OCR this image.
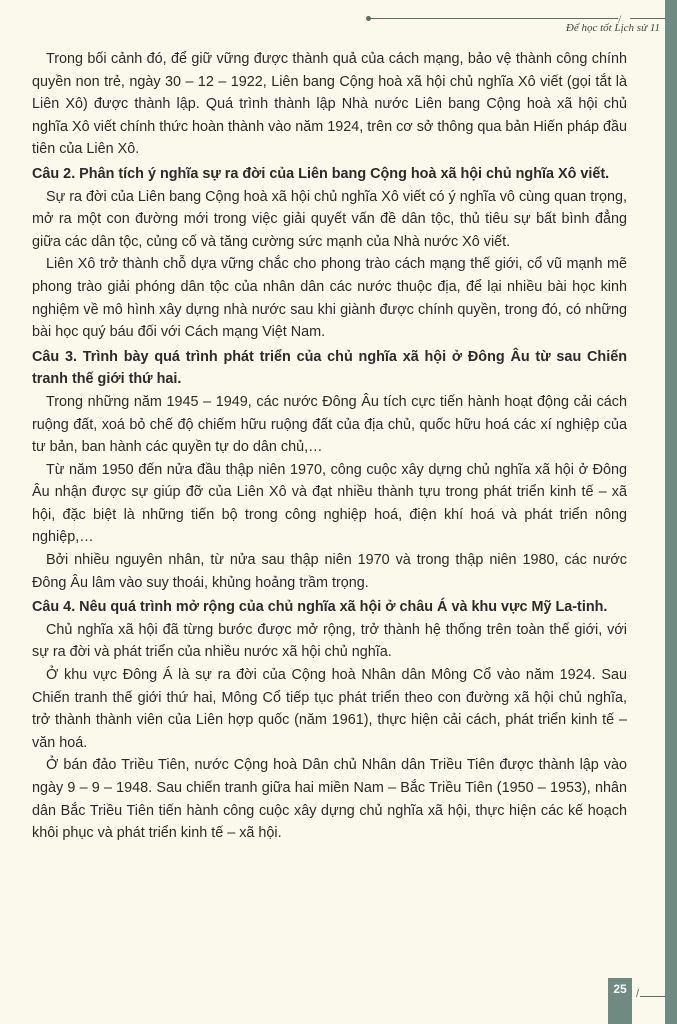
/
Để học tốt Lịch sử 11

Trong bối cảnh đó, để giữ vững được thành quả của cách mạng, bảo vệ thành công chính quyền non trẻ, ngày 30 – 12 – 1922, Liên bang Cộng hoà xã hội chủ nghĩa Xô viết (gọi tắt là Liên Xô) được thành lập. Quá trình thành lập Nhà nước Liên bang Cộng hoà xã hội chủ nghĩa Xô viết chính thức hoàn thành vào năm 1924, trên cơ sở thông qua bản Hiến pháp đầu tiên của Liên Xô.

Câu 2. Phân tích ý nghĩa sự ra đời của Liên bang Cộng hoà xã hội chủ nghĩa Xô viết.

Sự ra đời của Liên bang Cộng hoà xã hội chủ nghĩa Xô viết có ý nghĩa vô cùng quan trọng, mở ra một con đường mới trong việc giải quyết vấn đề dân tộc, thủ tiêu sự bất bình đẳng giữa các dân tộc, củng cố và tăng cường sức mạnh của Nhà nước Xô viết.

Liên Xô trở thành chỗ dựa vững chắc cho phong trào cách mạng thế giới, cổ vũ mạnh mẽ phong trào giải phóng dân tộc của nhân dân các nước thuộc địa, để lại nhiều bài học kinh nghiệm về mô hình xây dựng nhà nước sau khi giành được chính quyền, trong đó, có những bài học quý báu đối với Cách mạng Việt Nam.

Câu 3. Trình bày quá trình phát triển của chủ nghĩa xã hội ở Đông Âu từ sau Chiến tranh thế giới thứ hai.

Trong những năm 1945 – 1949, các nước Đông Âu tích cực tiến hành hoạt động cải cách ruộng đất, xoá bỏ chế độ chiếm hữu ruộng đất của địa chủ, quốc hữu hoá các xí nghiệp của tư bản, ban hành các quyền tự do dân chủ,…

Từ năm 1950 đến nửa đầu thập niên 1970, công cuộc xây dựng chủ nghĩa xã hội ở Đông Âu nhận được sự giúp đỡ của Liên Xô và đạt nhiều thành tựu trong phát triển kinh tế – xã hội, đặc biệt là những tiến bộ trong công nghiệp hoá, điện khí hoá và phát triển nông nghiệp,…

Bởi nhiều nguyên nhân, từ nửa sau thập niên 1970 và trong thập niên 1980, các nước Đông Âu lâm vào suy thoái, khủng hoảng trầm trọng.

Câu 4. Nêu quá trình mở rộng của chủ nghĩa xã hội ở châu Á và khu vực Mỹ La-tinh.

Chủ nghĩa xã hội đã từng bước được mở rộng, trở thành hệ thống trên toàn thế giới, với sự ra đời và phát triển của nhiều nước xã hội chủ nghĩa.

Ở khu vực Đông Á là sự ra đời của Cộng hoà Nhân dân Mông Cổ vào năm 1924. Sau Chiến tranh thế giới thứ hai, Mông Cổ tiếp tục phát triển theo con đường xã hội chủ nghĩa, trở thành thành viên của Liên hợp quốc (năm 1961), thực hiện cải cách, phát triển kinh tế – văn hoá.

Ở bán đảo Triều Tiên, nước Cộng hoà Dân chủ Nhân dân Triều Tiên được thành lập vào ngày 9 – 9 – 1948. Sau chiến tranh giữa hai miền Nam – Bắc Triều Tiên (1950 – 1953), nhân dân Bắc Triều Tiên tiến hành công cuộc xây dựng chủ nghĩa xã hội, thực hiện các kế hoạch khôi phục và phát triển kinh tế – xã hội.

25 /
